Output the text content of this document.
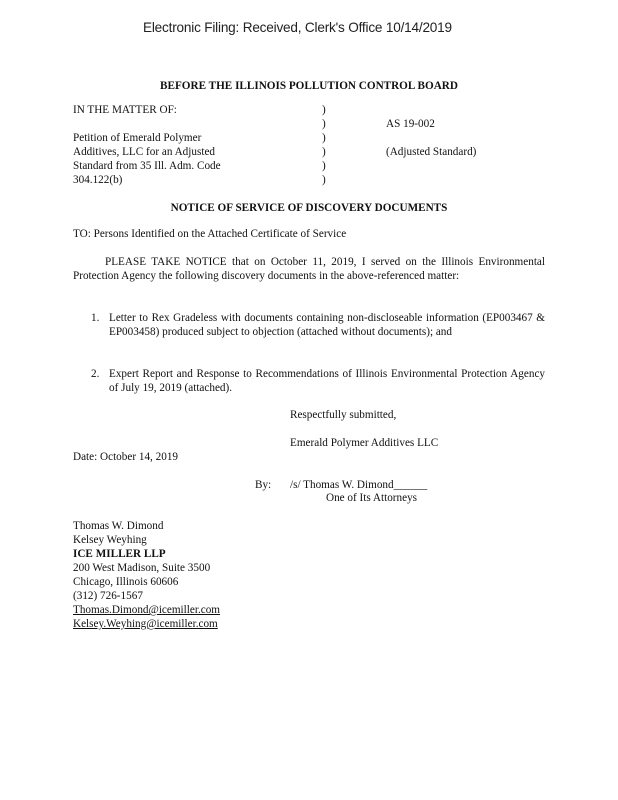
Electronic Filing: Received, Clerk's Office 10/14/2019
BEFORE THE ILLINOIS POLLUTION CONTROL BOARD
IN THE MATTER OF:
Petition of Emerald Polymer
Additives, LLC for an Adjusted
Standard from 35 Ill. Adm. Code
304.122(b)
)
)
)
)
)
)
AS 19-002
(Adjusted Standard)
NOTICE OF SERVICE OF DISCOVERY DOCUMENTS
TO: Persons Identified on the Attached Certificate of Service
PLEASE TAKE NOTICE that on October 11, 2019, I served on the Illinois Environmental Protection Agency the following discovery documents in the above-referenced matter:
1. Letter to Rex Gradeless with documents containing non-discloseable information (EP003467 & EP003458) produced subject to objection (attached without documents); and
2. Expert Report and Response to Recommendations of Illinois Environmental Protection Agency of July 19, 2019 (attached).
Respectfully submitted,
Emerald Polymer Additives LLC
Date: October 14, 2019
By: /s/ Thomas W. Dimond______
One of Its Attorneys
Thomas W. Dimond
Kelsey Weyhing
ICE MILLER LLP
200 West Madison, Suite 3500
Chicago, Illinois 60606
(312) 726-1567
Thomas.Dimond@icemiller.com
Kelsey.Weyhing@icemiller.com
